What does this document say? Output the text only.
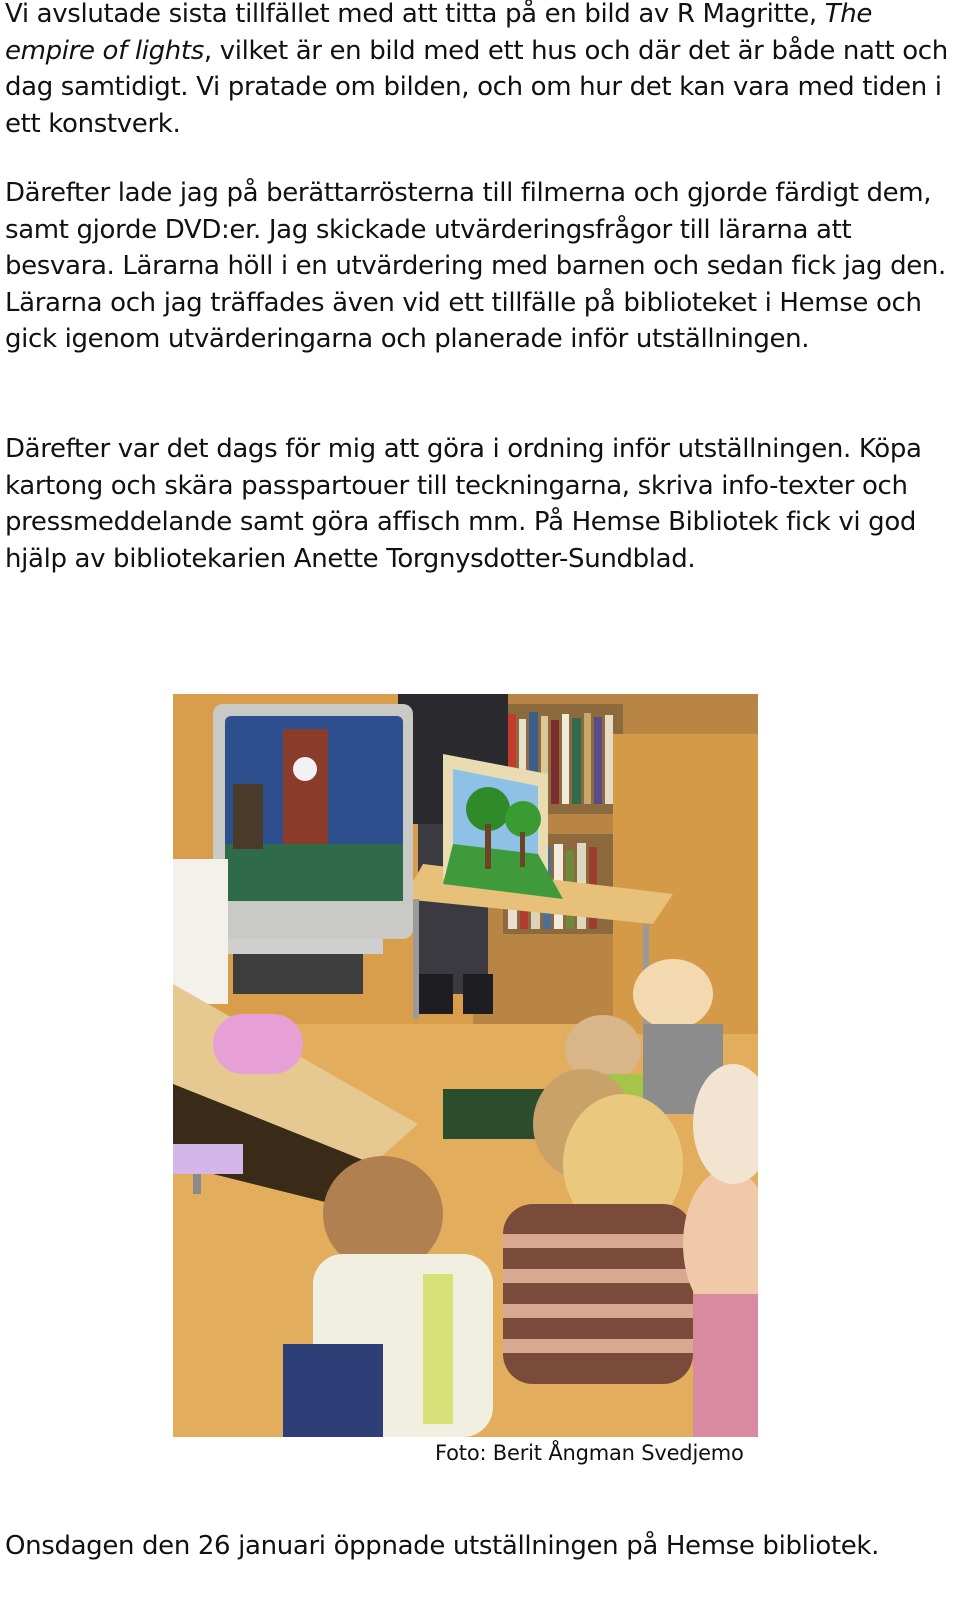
Vi avslutade sista tillfället med att titta på en bild av R Magritte, The empire of lights, vilket är en bild med ett hus och där det är både natt och dag samtidigt. Vi pratade om bilden, och om hur det kan vara med tiden i ett konstverk.

Därefter lade jag på berättarrösterna till filmerna och gjorde färdigt dem, samt gjorde DVD:er. Jag skickade utvärderingsfrågor till lärarna att besvara. Lärarna höll i en utvärdering med barnen och sedan fick jag den. Lärarna och jag träffades även vid ett tillfälle på biblioteket i Hemse och gick igenom utvärderingarna och planerade inför utställningen.

Därefter var det dags för mig att göra i ordning inför utställningen. Köpa kartong och skära passpartouer till teckningarna, skriva info-texter och pressmeddelande samt göra affisch mm. På Hemse Bibliotek fick vi god hjälp av bibliotekarien Anette Torgnysdotter-Sundblad.

Foto: Berit Ångman Svedjemo
Onsdagen den 26 januari öppnade utställningen på Hemse bibliotek.
